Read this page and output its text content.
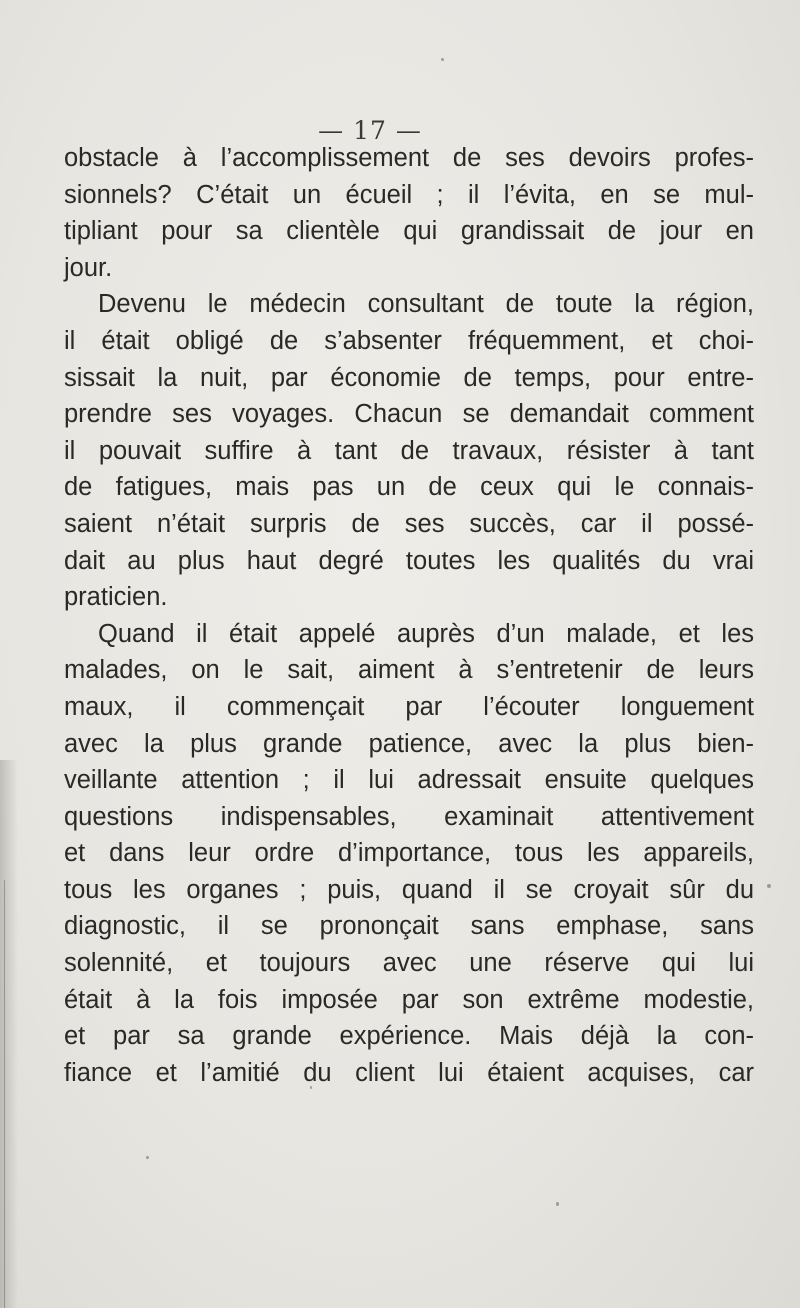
— 17 —
obstacle à l’accomplissement de ses devoirs profes-
sionnels? C’était un écueil ; il l’évita, en se mul-
tipliant pour sa clientèle qui grandissait de jour en
jour.
Devenu le médecin consultant de toute la région,
il était obligé de s’absenter fréquemment, et choi-
sissait la nuit, par économie de temps, pour entre-
prendre ses voyages. Chacun se demandait comment
il pouvait suffire à tant de travaux, résister à tant
de fatigues, mais pas un de ceux qui le connais-
saient n’était surpris de ses succès, car il possé-
dait au plus haut degré toutes les qualités du vrai
praticien.
Quand il était appelé auprès d’un malade, et les
malades, on le sait, aiment à s’entretenir de leurs
maux, il commençait par l’écouter longuement
avec la plus grande patience, avec la plus bien-
veillante attention ; il lui adressait ensuite quelques
questions indispensables, examinait attentivement
et dans leur ordre d’importance, tous les appareils,
tous les organes ; puis, quand il se croyait sûr du
diagnostic, il se prononçait sans emphase, sans
solennité, et toujours avec une réserve qui lui
était à la fois imposée par son extrême modestie,
et par sa grande expérience. Mais déjà la con-
fiance et l’amitié du client lui étaient acquises, car
